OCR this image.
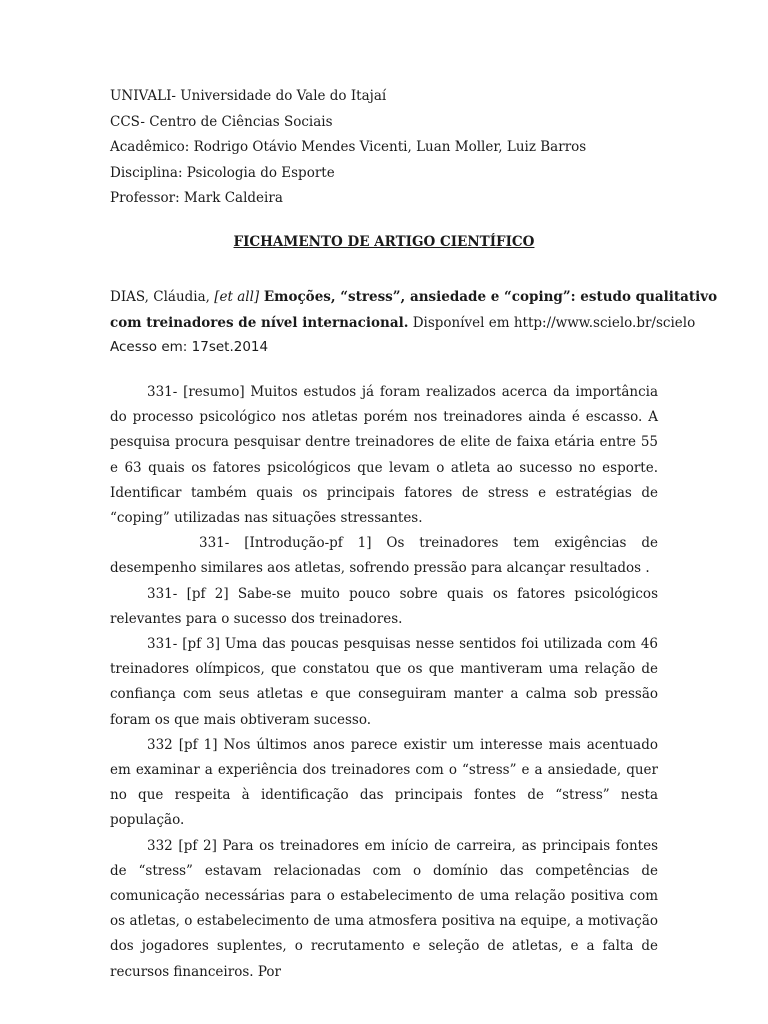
UNIVALI- Universidade do Vale do Itajaí
CCS- Centro de Ciências Sociais
Acadêmico: Rodrigo Otávio Mendes Vicenti, Luan Moller, Luiz Barros
Disciplina: Psicologia do Esporte
Professor: Mark Caldeira
FICHAMENTO DE ARTIGO CIENTÍFICO
DIAS, Cláudia, [et all] Emoções, “stress”, ansiedade e “coping”: estudo qualitativo
com treinadores de nível internacional. Disponível em http://www.scielo.br/scielo
Acesso em: 17set.2014

331- [resumo] Muitos estudos já foram realizados acerca da importância do processo psicológico nos atletas porém nos treinadores ainda é escasso. A pesquisa procura pesquisar dentre treinadores de elite de faixa etária entre 55 e 63 quais os fatores psicológicos que levam o atleta ao sucesso no esporte. Identificar também quais os principais fatores de stress e estratégias de “coping” utilizadas nas situações stressantes.

331- [Introdução-pf 1] Os treinadores tem exigências de desempenho similares aos atletas, sofrendo pressão para alcançar resultados .

331- [pf 2] Sabe-se muito pouco sobre quais os fatores psicológicos relevantes para o sucesso dos treinadores.

331- [pf 3] Uma das poucas pesquisas nesse sentidos foi utilizada com 46 treinadores olímpicos, que constatou que os que mantiveram uma relação de confiança com seus atletas e que conseguiram manter a calma sob pressão foram os que mais obtiveram sucesso.

332 [pf 1] Nos últimos anos parece existir um interesse mais acentuado em examinar a experiência dos treinadores com o “stress” e a ansiedade, quer no que respeita à identificação das principais fontes de “stress” nesta população.

332 [pf 2] Para os treinadores em início de carreira, as principais fontes de “stress” estavam relacionadas com o domínio das competências de comunicação necessárias para o estabelecimento de uma relação positiva com os atletas, o estabelecimento de uma atmosfera positiva na equipe, a motivação dos jogadores suplentes, o recrutamento e seleção de atletas, e a falta de recursos financeiros. Por
